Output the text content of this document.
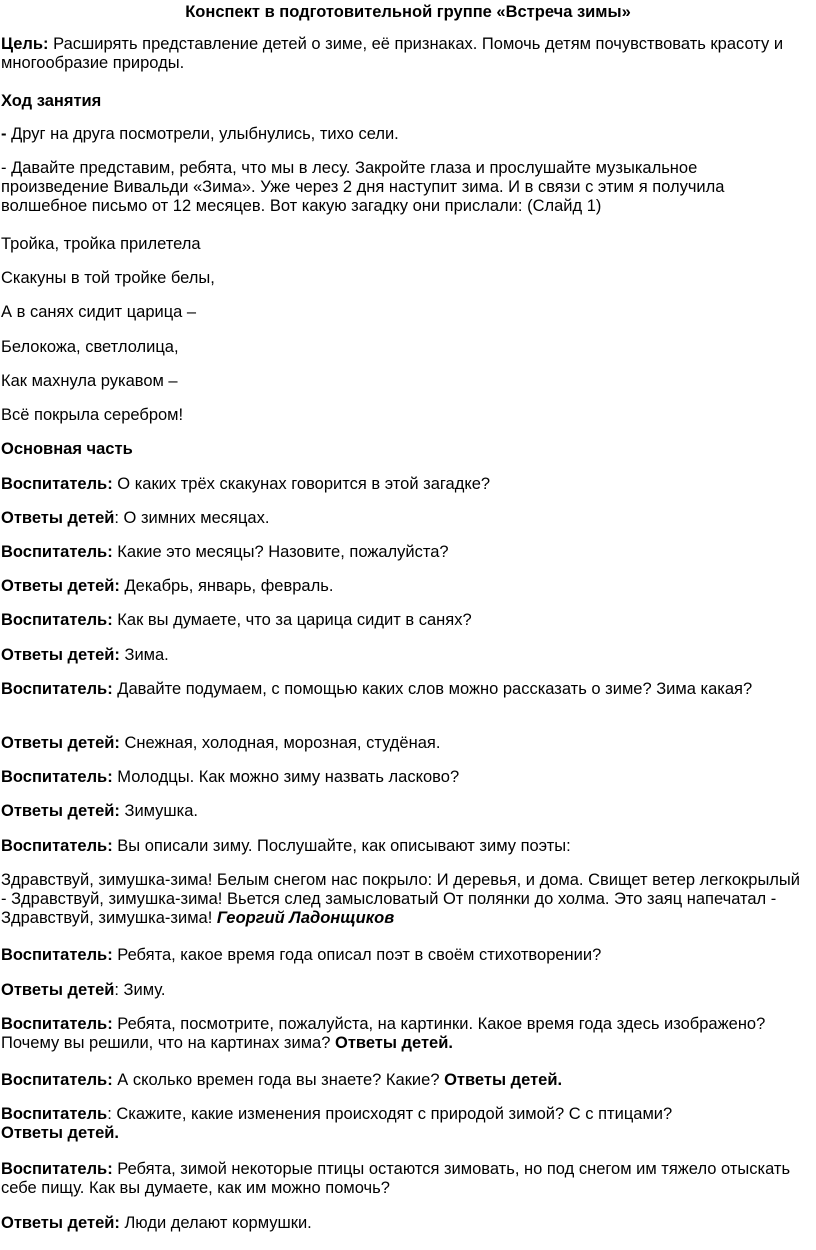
Конспект в подготовительной группе «Встреча зимы»

Цель: Расширять представление детей о зиме, её признаках. Помочь детям почувствовать красоту и многообразие природы.

Ход занятия

- Друг на друга посмотрели, улыбнулись, тихо сели.

- Давайте представим, ребята, что мы в лесу. Закройте глаза и прослушайте музыкальное произведение Вивальди «Зима». Уже через 2 дня наступит зима. И в связи с этим я получила волшебное письмо от 12 месяцев. Вот какую загадку они прислали: (Слайд 1)

Тройка, тройка прилетела

Скакуны в той тройке белы,

А в санях сидит царица –

Белокожа, светлолица,

Как махнула рукавом –

Всё покрыла серебром!

Основная часть

Воспитатель: О каких трёх скакунах говорится в этой загадке?

Ответы детей: О зимних месяцах.

Воспитатель: Какие это месяцы? Назовите, пожалуйста?

Ответы детей: Декабрь, январь, февраль.

Воспитатель: Как вы думаете, что за царица сидит в санях?

Ответы детей: Зима.

Воспитатель: Давайте подумаем, с помощью каких слов можно рассказать о зиме? Зима какая?

Ответы детей: Снежная, холодная, морозная, студёная.

Воспитатель: Молодцы. Как можно зиму назвать ласково?

Ответы детей: Зимушка.

Воспитатель: Вы описали зиму. Послушайте, как описывают зиму поэты:

Здравствуй, зимушка-зима! Белым снегом нас покрыло: И деревья, и дома. Свищет ветер легкокрылый - Здравствуй, зимушка-зима! Вьется след замысловатый От полянки до холма. Это заяц напечатал - Здравствуй, зимушка-зима! Георгий Ладонщиков

Воспитатель: Ребята, какое время года описал поэт в своём стихотворении?

Ответы детей: Зиму.

Воспитатель: Ребята, посмотрите, пожалуйста, на картинки. Какое время года здесь изображено? Почему вы решили, что на картинах зима? Ответы детей.

Воспитатель: А сколько времен года вы знаете? Какие? Ответы детей.

Воспитатель: Скажите, какие изменения происходят с природой зимой? С с птицами? Ответы детей.

Воспитатель: Ребята, зимой некоторые птицы остаются зимовать, но под снегом им тяжело отыскать себе пищу. Как вы думаете, как им можно помочь?

Ответы детей: Люди делают кормушки.
